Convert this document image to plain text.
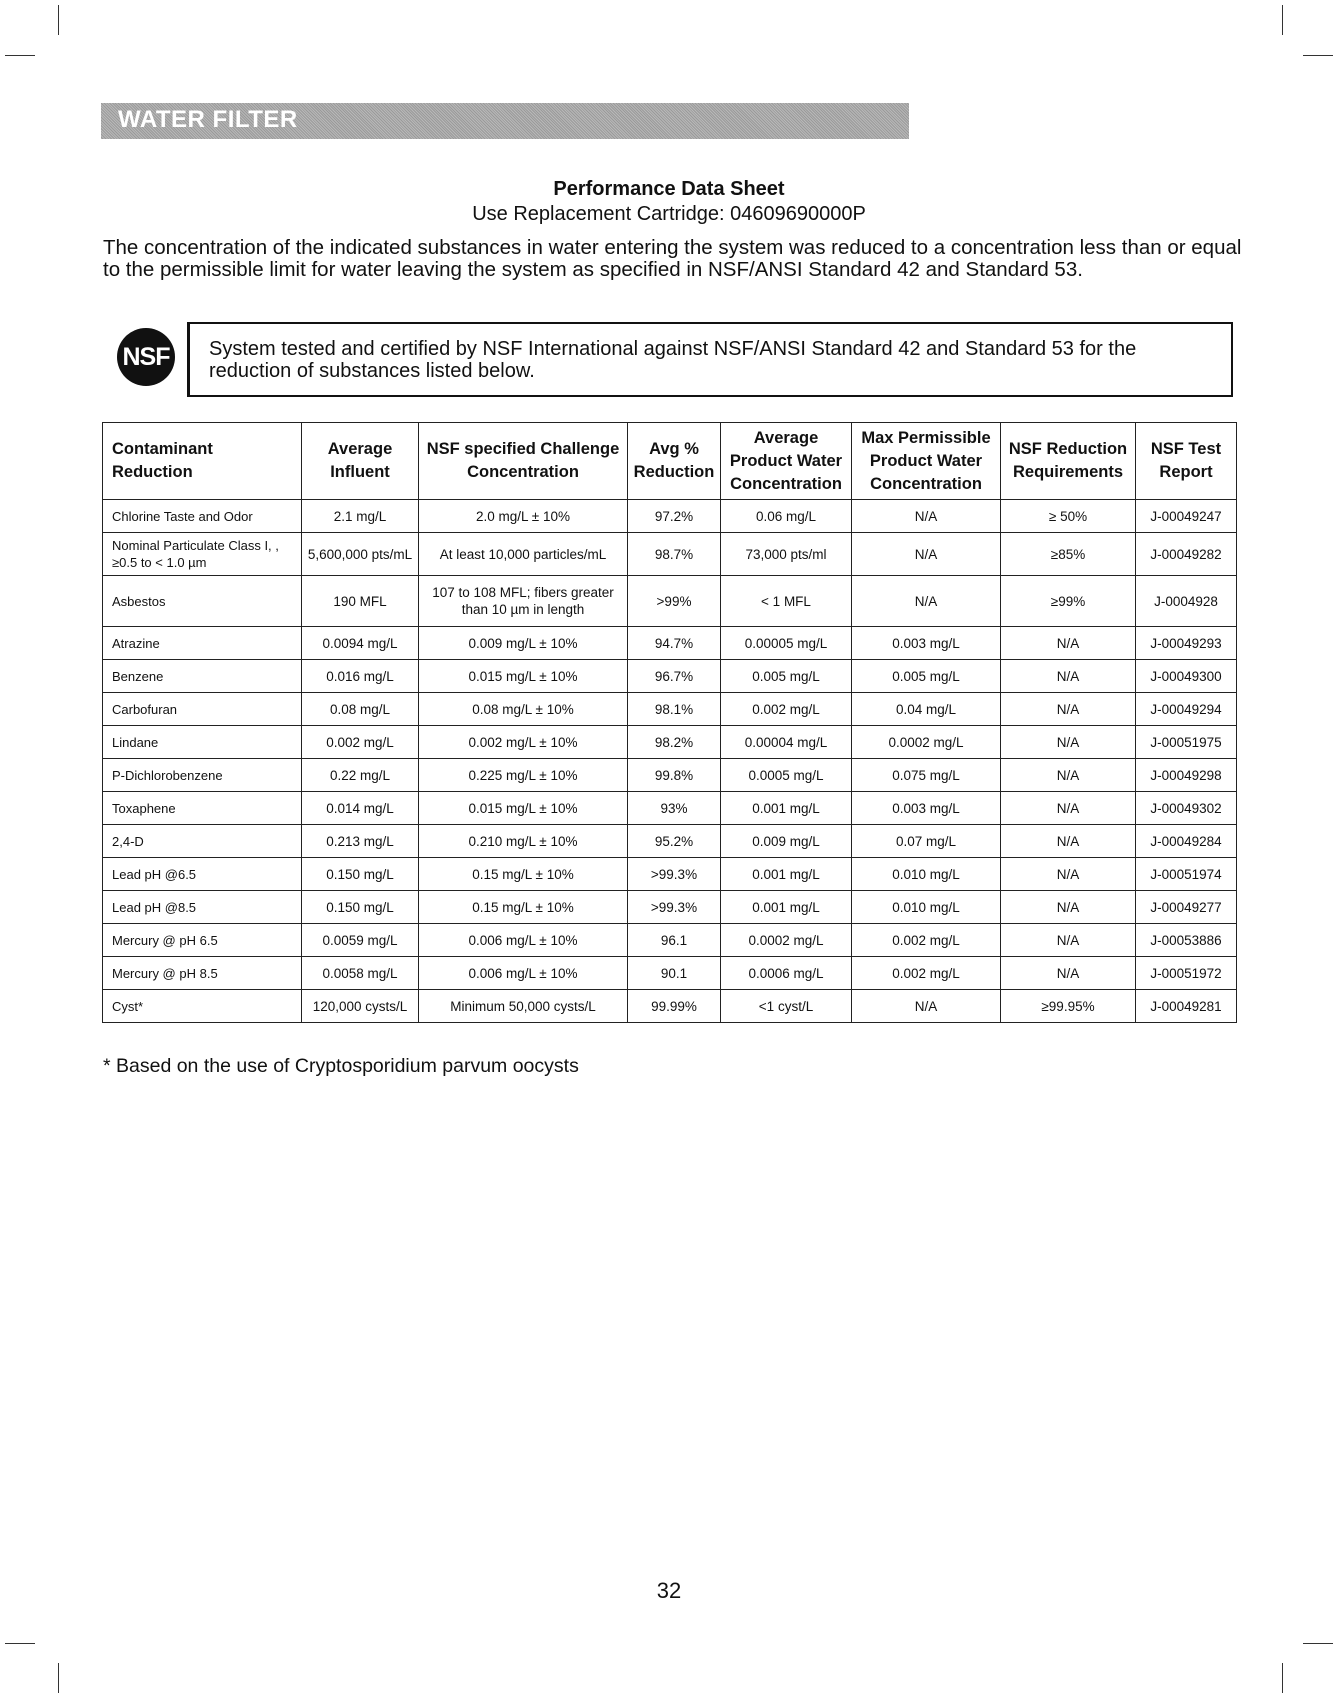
WATER FILTER
Performance Data Sheet
Use Replacement Cartridge: 04609690000P
The concentration of the indicated substances in water entering the system was reduced to a concentration less than or equal to the permissible limit for water leaving the system as specified in NSF/ANSI Standard 42 and Standard 53.
NSF System tested and certified by NSF International against NSF/ANSI Standard 42 and Standard 53 for the reduction of substances listed below.
Contaminant Reduction	Average Influent	NSF specified Challenge Concentration	Avg % Reduction	Average Product Water Concentration	Max Permissible Product Water Concentration	NSF Reduction Requirements	NSF Test Report
Chlorine Taste and Odor	2.1 mg/L	2.0 mg/L ± 10%	97.2%	0.06 mg/L	N/A	≥ 50%	J-00049247
Nominal Particulate Class I, , ≥0.5 to < 1.0 µm	5,600,000 pts/mL	At least 10,000 particles/mL	98.7%	73,000 pts/ml	N/A	≥85%	J-00049282
Asbestos	190 MFL	107 to 108 MFL; fibers greater than 10 µm in length	>99%	< 1 MFL	N/A	≥99%	J-0004928
Atrazine	0.0094 mg/L	0.009 mg/L ± 10%	94.7%	0.00005 mg/L	0.003 mg/L	N/A	J-00049293
Benzene	0.016 mg/L	0.015 mg/L ± 10%	96.7%	0.005 mg/L	0.005 mg/L	N/A	J-00049300
Carbofuran	0.08 mg/L	0.08 mg/L ± 10%	98.1%	0.002 mg/L	0.04 mg/L	N/A	J-00049294
Lindane	0.002 mg/L	0.002 mg/L ± 10%	98.2%	0.00004 mg/L	0.0002 mg/L	N/A	J-00051975
P-Dichlorobenzene	0.22 mg/L	0.225 mg/L ± 10%	99.8%	0.0005 mg/L	0.075 mg/L	N/A	J-00049298
Toxaphene	0.014 mg/L	0.015 mg/L ± 10%	93%	0.001 mg/L	0.003 mg/L	N/A	J-00049302
2,4-D	0.213 mg/L	0.210 mg/L ± 10%	95.2%	0.009 mg/L	0.07 mg/L	N/A	J-00049284
Lead pH @6.5	0.150 mg/L	0.15 mg/L ± 10%	>99.3%	0.001 mg/L	0.010 mg/L	N/A	J-00051974
Lead pH @8.5	0.150 mg/L	0.15 mg/L ± 10%	>99.3%	0.001 mg/L	0.010 mg/L	N/A	J-00049277
Mercury @ pH 6.5	0.0059 mg/L	0.006 mg/L ± 10%	96.1	0.0002 mg/L	0.002 mg/L	N/A	J-00053886
Mercury @ pH 8.5	0.0058 mg/L	0.006 mg/L ± 10%	90.1	0.0006 mg/L	0.002 mg/L	N/A	J-00051972
Cyst*	120,000 cysts/L	Minimum 50,000 cysts/L	99.99%	<1 cyst/L	N/A	≥99.95%	J-00049281
* Based on the use of Cryptosporidium parvum oocysts
32
